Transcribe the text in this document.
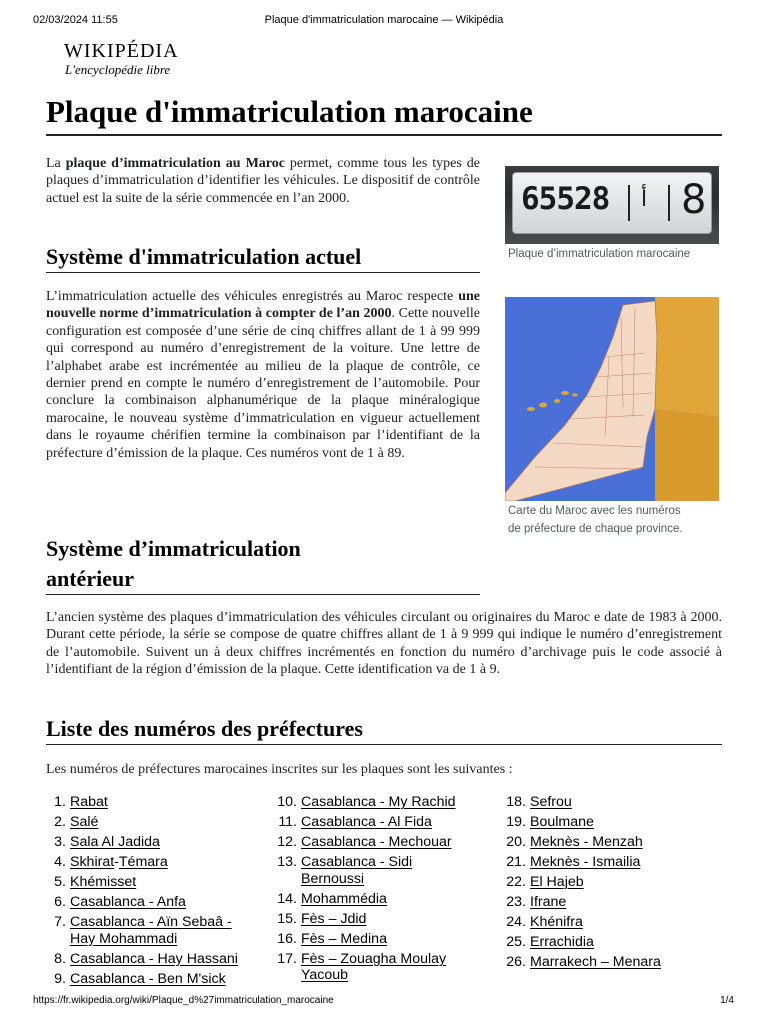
02/03/2024 11:55	Plaque d'immatriculation marocaine — Wikipédia
WIKIPÉDIA
L'encyclopédie libre
Plaque d'immatriculation marocaine

La plaque d’immatriculation au Maroc permet, comme tous les types de plaques d’immatriculation d’identifier les véhicules. Le dispositif de contrôle actuel est la suite de la série commencée en l’an 2000.	65528 أ 8
Plaque d’immatriculation marocaine
Système d'immatriculation actuel

L’immatriculation actuelle des véhicules enregistrés au Maroc respecte une nouvelle norme d’immatriculation à compter de l’an 2000. Cette nouvelle configuration est composée d’une série de cinq chiffres allant de 1 à 99 999 qui correspond au numéro d’enregistrement de la voiture. Une lettre de l’alphabet arabe est incrémentée au milieu de la plaque de contrôle, ce dernier prend en compte le numéro d’enregistrement de l’automobile. Pour conclure la combinaison alphanumérique de la plaque minéralogique marocaine, le nouveau système d’immatriculation en vigueur actuellement dans le royaume chérifien termine la combinaison par l’identifiant de la préfecture d’émission de la plaque. Ces numéros vont de 1 à 89.

Carte du Maroc avec les numéros
de préfecture de chaque province.
Système d’immatriculation
antérieur

L’ancien système des plaques d’immatriculation des véhicules circulant ou originaires du Maroc e date de 1983 à 2000. Durant cette période, la série se compose de quatre chiffres allant de 1 à 9 999 qui indique le numéro d’enregistrement de l’automobile. Suivent un à deux chiffres incrémentés en fonction du numéro d’archivage puis le code associé à l’identifiant de la région d’émission de la plaque. Cette identification va de 1 à 9.

Liste des numéros des préfectures

Les numéros de préfectures marocaines inscrites sur les plaques sont les suivantes :

1. Rabat
2. Salé
3. Sala Al Jadida
4. Skhirat-Témara
5. Khémisset
6. Casablanca - Anfa
7. Casablanca - Aïn Sebaâ -
Hay Mohammadi
8. Casablanca - Hay Hassani
9. Casablanca - Ben M'sick
10. Casablanca - My Rachid
11. Casablanca - Al Fida
12. Casablanca - Mechouar
13. Casablanca - Sidi
Bernoussi
14. Mohammédia
15. Fès – Jdid
16. Fès – Medina
17. Fès – Zouagha Moulay
Yacoub
18. Sefrou
19. Boulmane
20. Meknès - Menzah
21. Meknès - Ismailia
22. El Hajeb
23. Ifrane
24. Khénifra
25. Errachidia
26. Marrakech – Menara
https://fr.wikipedia.org/wiki/Plaque_d%27immatriculation_marocaine	1/4
